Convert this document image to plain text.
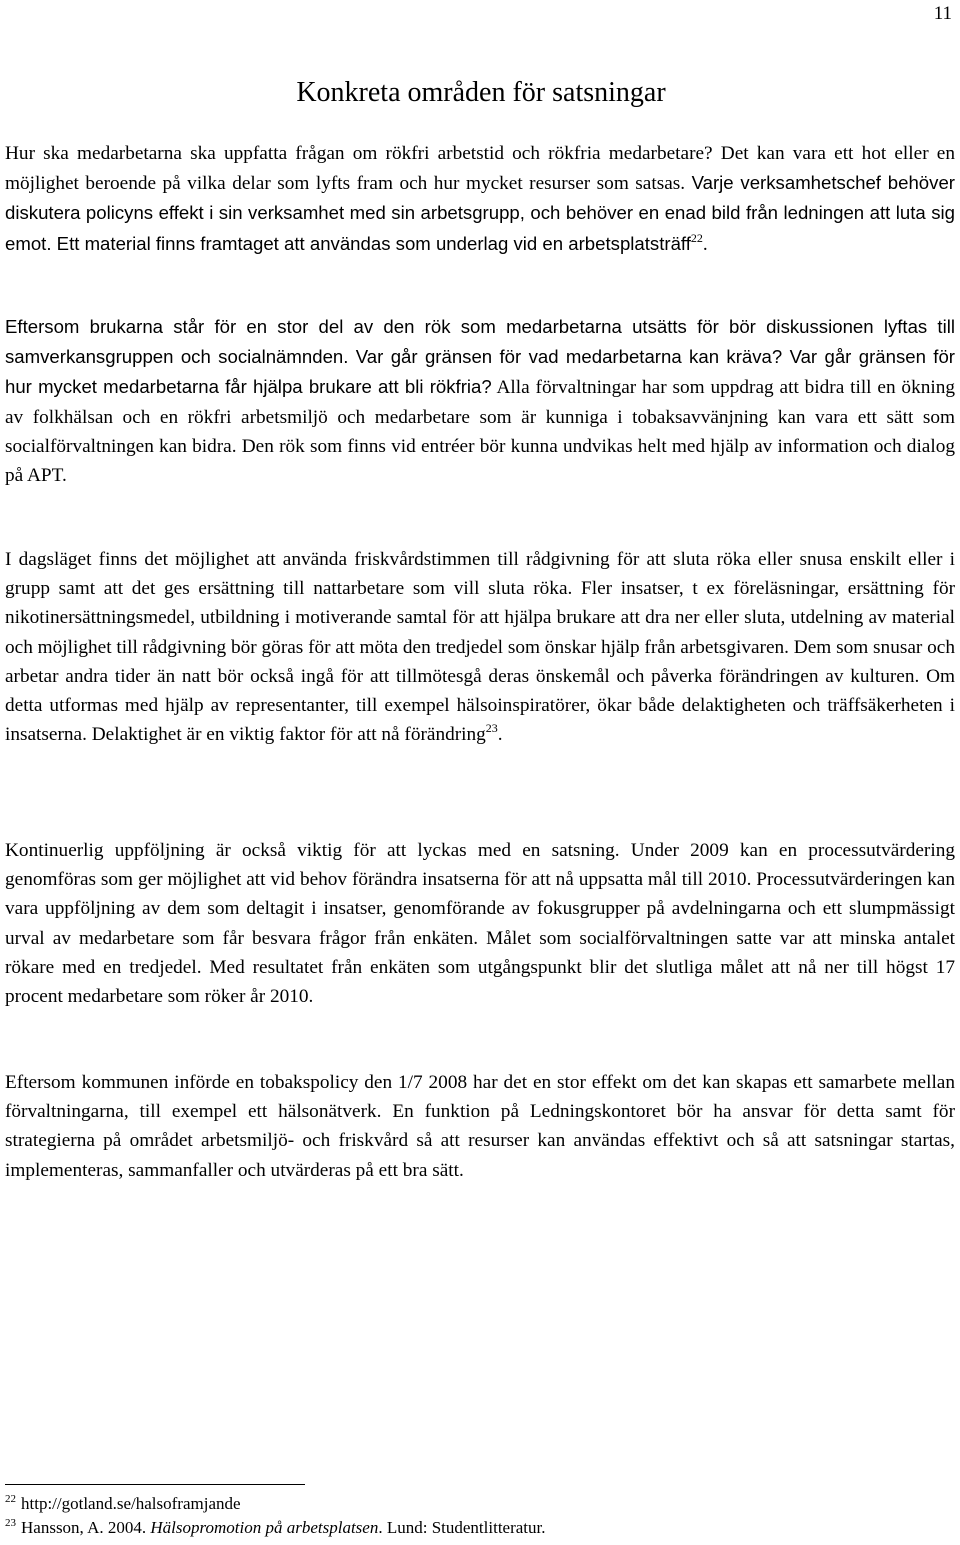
11
Konkreta områden för satsningar

Hur ska medarbetarna ska uppfatta frågan om rökfri arbetstid och rökfria medarbetare? Det kan vara ett hot eller en möjlighet beroende på vilka delar som lyfts fram och hur mycket resurser som satsas. Varje verksamhetschef behöver diskutera policyns effekt i sin verksamhet med sin arbetsgrupp, och behöver en enad bild från ledningen att luta sig emot. Ett material finns framtaget att användas som underlag vid en arbetsplatsträff$^{22}$.

Eftersom brukarna står för en stor del av den rök som medarbetarna utsätts för bör diskussionen lyftas till samverkansgruppen och socialnämnden. Var går gränsen för vad medarbetarna kan kräva? Var går gränsen för hur mycket medarbetarna får hjälpa brukare att bli rökfria? Alla förvaltningar har som uppdrag att bidra till en ökning av folkhälsan och en rökfri arbetsmiljö och medarbetare som är kunniga i tobaksavvänjning kan vara ett sätt som socialförvaltningen kan bidra. Den rök som finns vid entréer bör kunna undvikas helt med hjälp av information och dialog på APT.

I dagsläget finns det möjlighet att använda friskvårdstimmen till rådgivning för att sluta röka eller snusa enskilt eller i grupp samt att det ges ersättning till nattarbetare som vill sluta röka. Fler insatser, t ex föreläsningar, ersättning för nikotinersättningsmedel, utbildning i motiverande samtal för att hjälpa brukare att dra ner eller sluta, utdelning av material och möjlighet till rådgivning bör göras för att möta den tredjedel som önskar hjälp från arbetsgivaren. Dem som snusar och arbetar andra tider än natt bör också ingå för att tillmötesgå deras önskemål och påverka förändringen av kulturen. Om detta utformas med hjälp av representanter, till exempel hälsoinspiratörer, ökar både delaktigheten och träffsäkerheten i insatserna. Delaktighet är en viktig faktor för att nå förändring$^{23}$.

Kontinuerlig uppföljning är också viktig för att lyckas med en satsning. Under 2009 kan en processutvärdering genomföras som ger möjlighet att vid behov förändra insatserna för att nå uppsatta mål till 2010. Processutvärderingen kan vara uppföljning av dem som deltagit i insatser, genomförande av fokusgrupper på avdelningarna och ett slumpmässigt urval av medarbetare som får besvara frågor från enkäten. Målet som socialförvaltningen satte var att minska antalet rökare med en tredjedel. Med resultatet från enkäten som utgångspunkt blir det slutliga målet att nå ner till högst 17 procent medarbetare som röker år 2010.

Eftersom kommunen införde en tobakspolicy den 1/7 2008 har det en stor effekt om det kan skapas ett samarbete mellan förvaltningarna, till exempel ett hälsonätverk. En funktion på Ledningskontoret bör ha ansvar för detta samt för strategierna på området arbetsmiljö- och friskvård så att resurser kan användas effektivt och så att satsningar startas, implementeras, sammanfaller och utvärderas på ett bra sätt.

$^{22}$ http://gotland.se/halsoframjande

$^{23}$ Hansson, A. 2004. Hälsopromotion på arbetsplatsen. Lund: Studentlitteratur.
